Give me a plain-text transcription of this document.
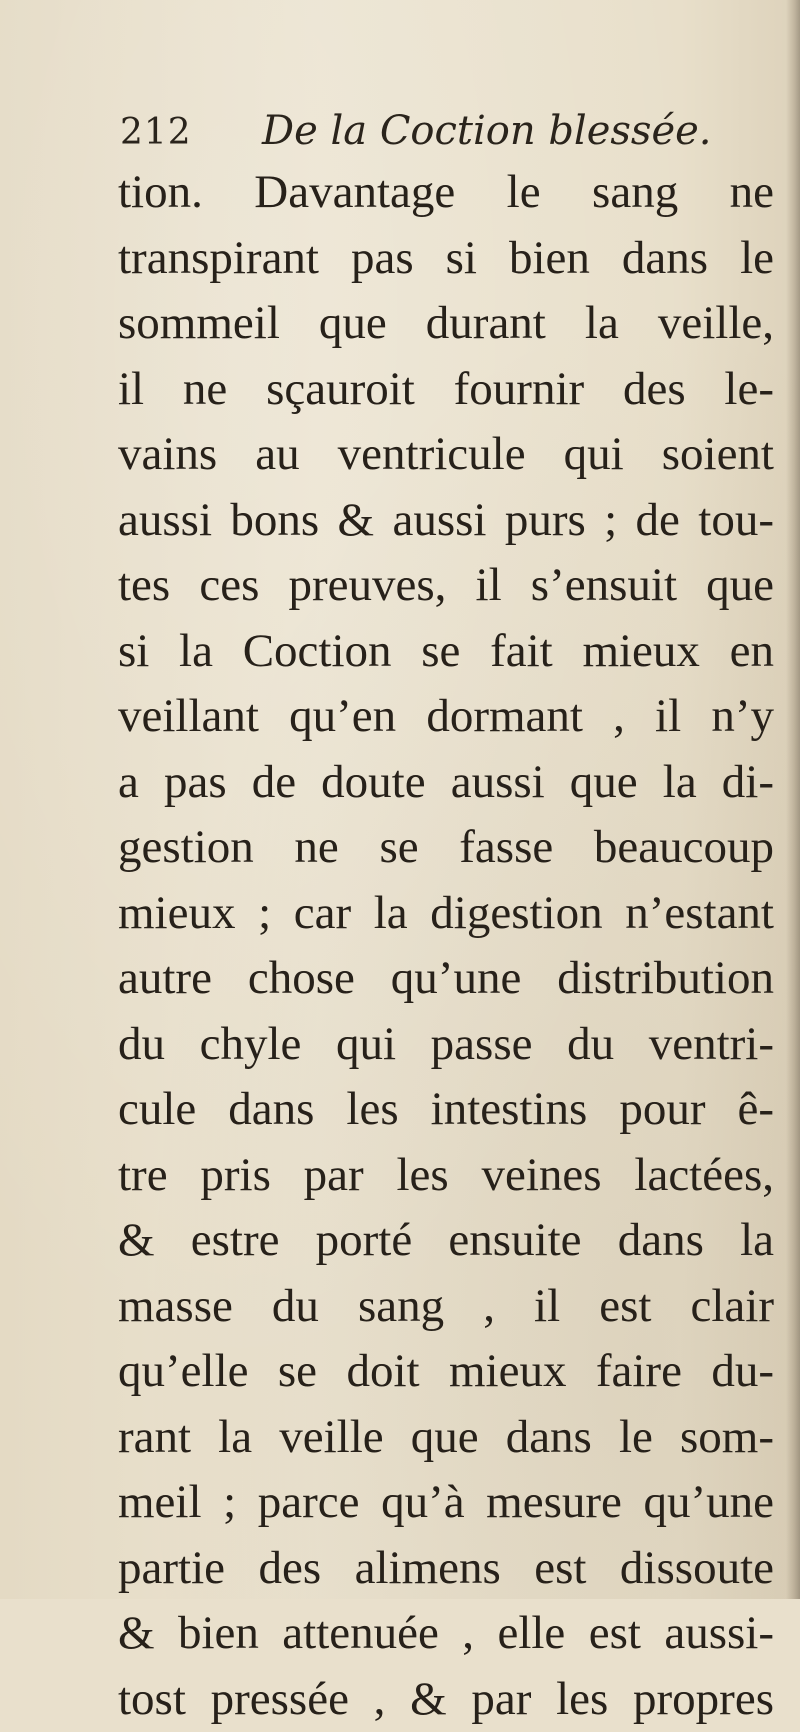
212 De la Coction blessée.
tion. Davantage le sang ne
transpirant pas si bien dans le
sommeil que durant la veille,
il ne sçauroit fournir des le-
vains au ventricule qui soient
aussi bons & aussi purs ; de tou-
tes ces preuves, il s’ensuit que
si la Coction se fait mieux en
veillant qu’en dormant , il n’y
a pas de doute aussi que la di-
gestion ne se fasse beaucoup
mieux ; car la digestion n’estant
autre chose qu’une distribution
du chyle qui passe du ventri-
cule dans les intestins pour ê-
tre pris par les veines lactées,
& estre porté ensuite dans la
masse du sang , il est clair
qu’elle se doit mieux faire du-
rant la veille que dans le som-
meil ; parce qu’à mesure qu’une
partie des alimens est dissoute
& bien attenuée , elle est aussi-
tost pressée , & par les propres
